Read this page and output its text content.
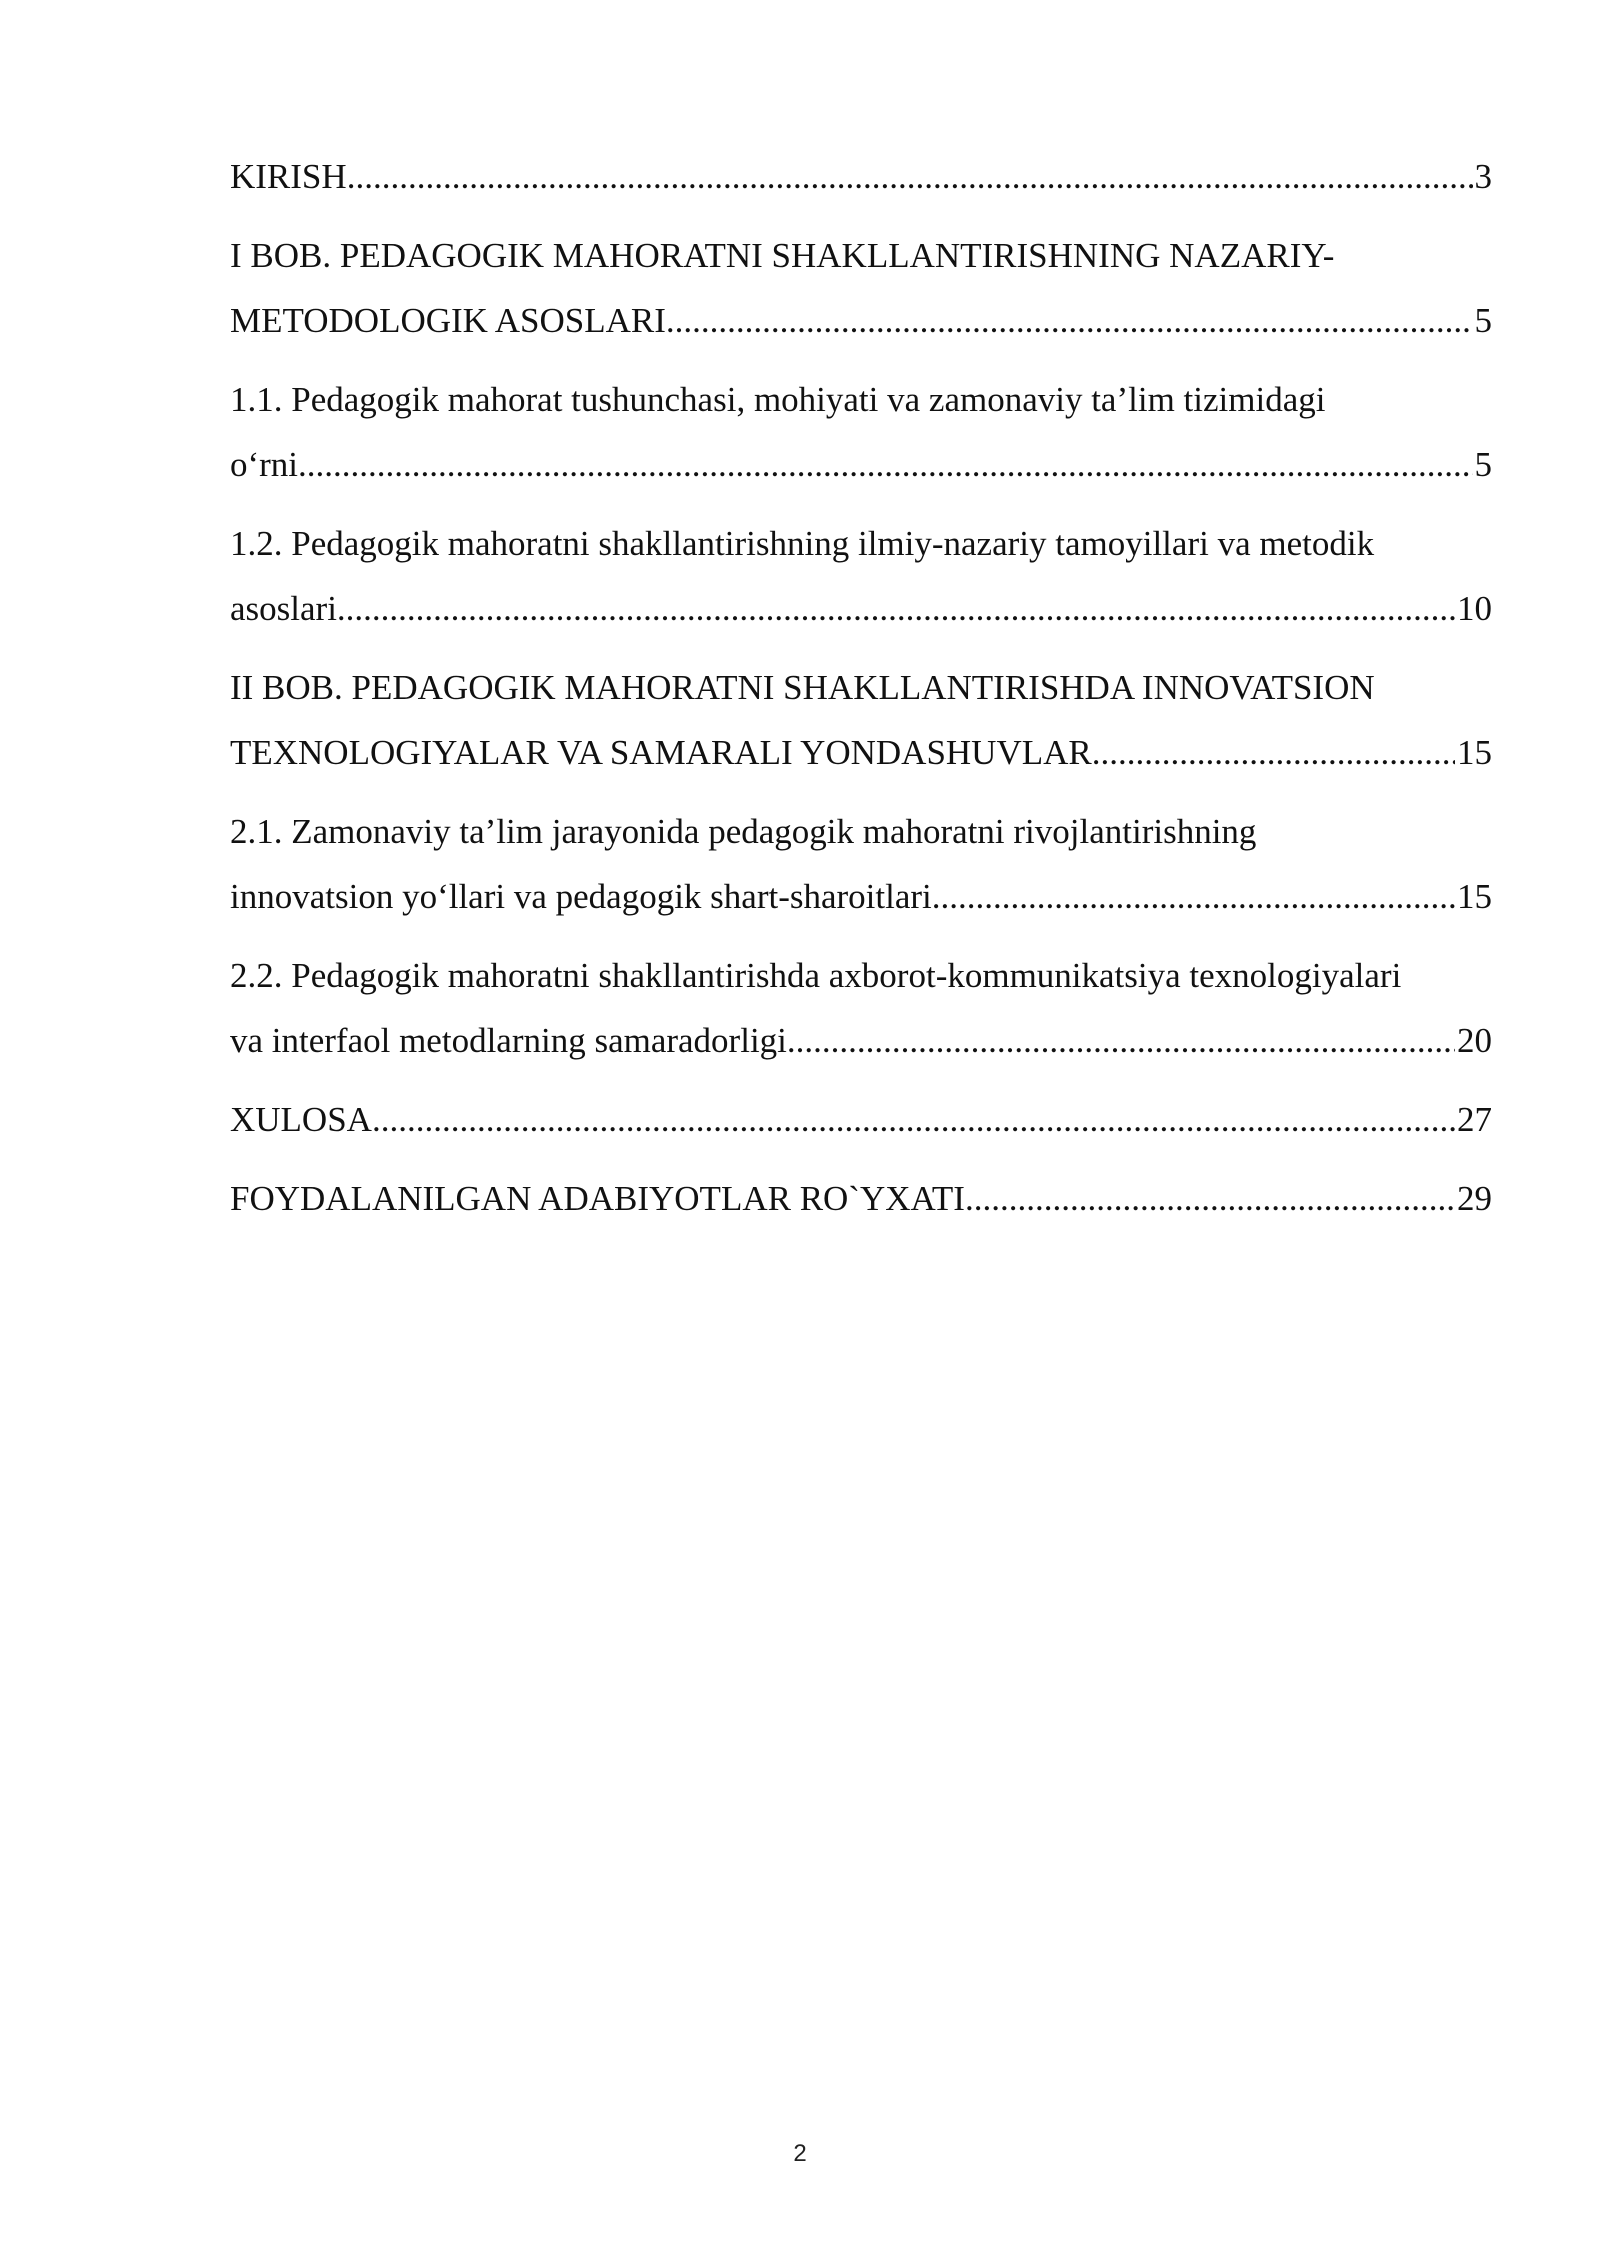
KIRISH .....	3
I BOB. PEDAGOGIK MAHORATNI SHAKLLANTIRISHNING NAZARIY-
METODOLOGIK ASOSLARI .....	5
1.1. Pedagogik mahorat tushunchasi, mohiyati va zamonaviy ta’lim tizimidagi
o‘rni .....	5
1.2. Pedagogik mahoratni shakllantirishning ilmiy-nazariy tamoyillari va metodik
asoslari .....	10
II BOB. PEDAGOGIK MAHORATNI SHAKLLANTIRISHDA INNOVATSION
TEXNOLOGIYALAR VA SAMARALI YONDASHUVLAR .....	15
2.1. Zamonaviy ta’lim jarayonida pedagogik mahoratni rivojlantirishning
innovatsion yo‘llari va pedagogik shart-sharoitlari .....	15
2.2. Pedagogik mahoratni shakllantirishda axborot-kommunikatsiya texnologiyalari
va interfaol metodlarning samaradorligi .....	20
XULOSA .....	27
FOYDALANILGAN ADABIYOTLAR RO`YXATI .....	29
2
